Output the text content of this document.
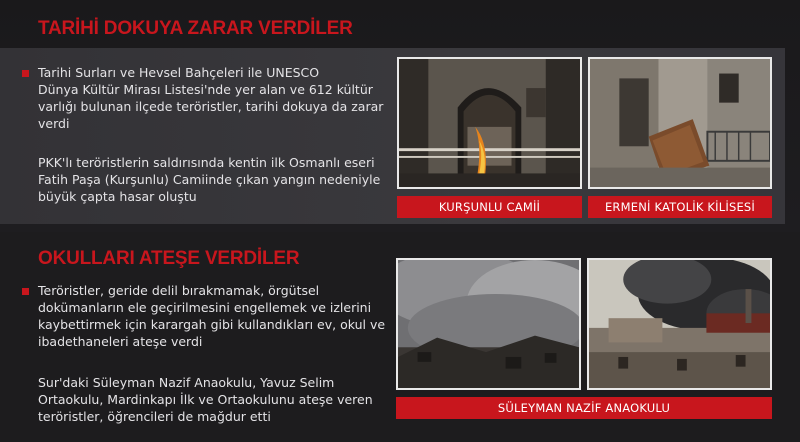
TARİHİ DOKUYA ZARAR VERDİLER

Tarihi Surları ve Hevsel Bahçeleri ile UNESCO
Dünya Kültür Mirası Listesi'nde yer alan ve 612 kültür
varlığı bulunan ilçede teröristler, tarihi dokuya da zarar
verdi

PKK'lı teröristlerin saldırısında kentin ilk Osmanlı eseri
Fatih Paşa (Kurşunlu) Camiinde çıkan yangın nedeniyle
büyük çapta hasar oluştu

KURŞUNLU CAMİİ	ERMENİ KATOLİK KİLİSESİ
OKULLARI ATEŞE VERDİLER

Teröristler, geride delil bırakmamak, örgütsel
dokümanların ele geçirilmesini engellemek ve izlerini
kaybettirmek için karargah gibi kullandıkları ev, okul ve
ibadethaneleri ateşe verdi

Sur'daki Süleyman Nazif Anaokulu, Yavuz Selim
Ortaokulu, Mardinkapı İlk ve Ortaokulunu ateşe veren
teröristler, öğrencileri de mağdur etti

SÜLEYMAN NAZİF ANAOKULU
